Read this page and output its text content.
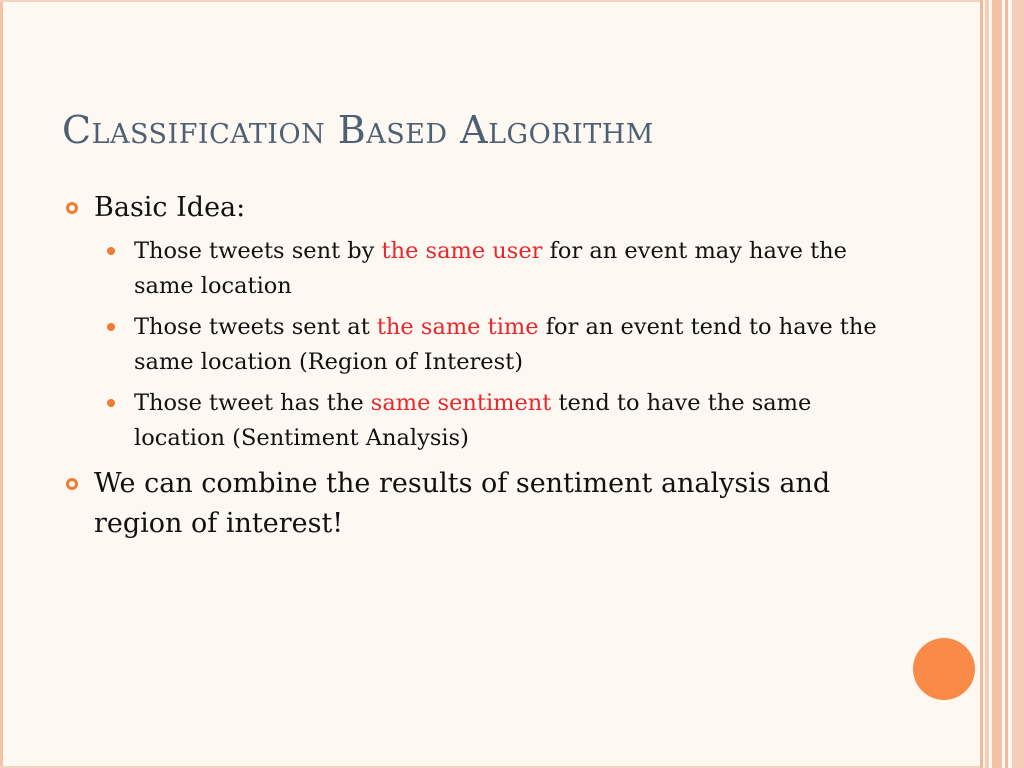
Classification Based Algorithm
Basic Idea:
Those tweets sent by the same user for an event may have the same location
Those tweets sent at the same time for an event tend to have the same location (Region of Interest)
Those tweet has the same sentiment tend to have the same location (Sentiment Analysis)
We can combine the results of sentiment analysis and region of interest!
